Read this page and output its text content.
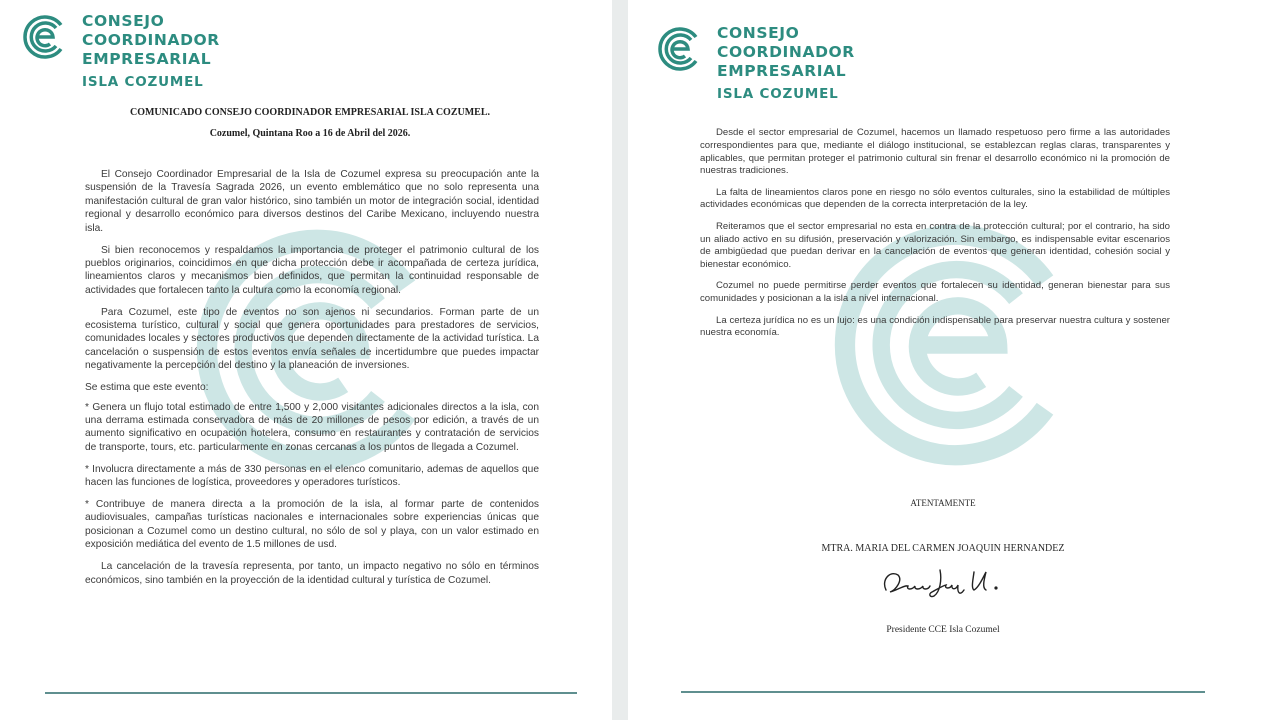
CONSEJO
COORDINADOR
EMPRESARIAL
ISLA COZUMEL
COMUNICADO CONSEJO COORDINADOR EMPRESARIAL ISLA COZUMEL.
Cozumel, Quintana Roo a 16 de Abril del 2026.

El Consejo Coordinador Empresarial de la Isla de Cozumel expresa su preocupación ante la suspensión de la Travesía Sagrada 2026, un evento emblemático que no solo representa una manifestación cultural de gran valor histórico, sino también un motor de integración social, identidad regional y desarrollo económico para diversos destinos del Caribe Mexicano, incluyendo nuestra isla.

Si bien reconocemos y respaldamos la importancia de proteger el patrimonio cultural de los pueblos originarios, coincidimos en que dicha protección debe ir acompañada de certeza jurídica, lineamientos claros y mecanismos bien definidos, que permitan la continuidad responsable de actividades que fortalecen tanto la cultura como la economía regional.

Para Cozumel, este tipo de eventos no son ajenos ni secundarios. Forman parte de un ecosistema turístico, cultural y social que genera oportunidades para prestadores de servicios, comunidades locales y sectores productivos que dependen directamente de la actividad turística. La cancelación o suspensión de estos eventos envía señales de incertidumbre que puedes impactar negativamente la percepción del destino y la planeación de inversiones.

Se estima que este evento:

* Genera un flujo total estimado de entre 1,500 y 2,000 visitantes adicionales directos a la isla, con una derrama estimada conservadora de más de 20 millones de pesos por edición, a través de un aumento significativo en ocupación hotelera, consumo en restaurantes y contratación de servicios de transporte, tours, etc. particularmente en zonas cercanas a los puntos de llegada a Cozumel.

* Involucra directamente a más de 330 personas en el elenco comunitario, ademas de aquellos que hacen las funciones de logística, proveedores y operadores turísticos.

* Contribuye de manera directa a la promoción de la isla, al formar parte de contenidos audiovisuales, campañas turísticas nacionales e internacionales sobre experiencias únicas que posicionan a Cozumel como un destino cultural, no sólo de sol y playa, con un valor estimado en exposición mediática del evento de 1.5 millones de usd.

La cancelación de la travesía representa, por tanto, un impacto negativo no sólo en términos económicos, sino también en la proyección de la identidad cultural y turística de Cozumel.

CONSEJO
COORDINADOR
EMPRESARIAL
ISLA COZUMEL

Desde el sector empresarial de Cozumel, hacemos un llamado respetuoso pero firme a las autoridades correspondientes para que, mediante el diálogo institucional, se establezcan reglas claras, transparentes y aplicables, que permitan proteger el patrimonio cultural sin frenar el desarrollo económico ni la promoción de nuestras tradiciones.

La falta de lineamientos claros pone en riesgo no sólo eventos culturales, sino la estabilidad de múltiples actividades económicas que dependen de la correcta interpretación de la ley.

Reiteramos que el sector empresarial no esta en contra de la protección cultural; por el contrario, ha sido un aliado activo en su difusión, preservación y valorización. Sin embargo, es indispensable evitar escenarios de ambigüedad que puedan derivar en la cancelación de eventos que generan identidad, cohesión social y bienestar económico.

Cozumel no puede permitirse perder eventos que fortalecen su identidad, generan bienestar para sus comunidades y posicionan a la isla a nivel internacional.

La certeza jurídica no es un lujo: es una condición indispensable para preservar nuestra cultura y sostener nuestra economía.

ATENTAMENTE
MTRA. MARIA DEL CARMEN JOAQUIN HERNANDEZ
Presidente CCE Isla Cozumel
